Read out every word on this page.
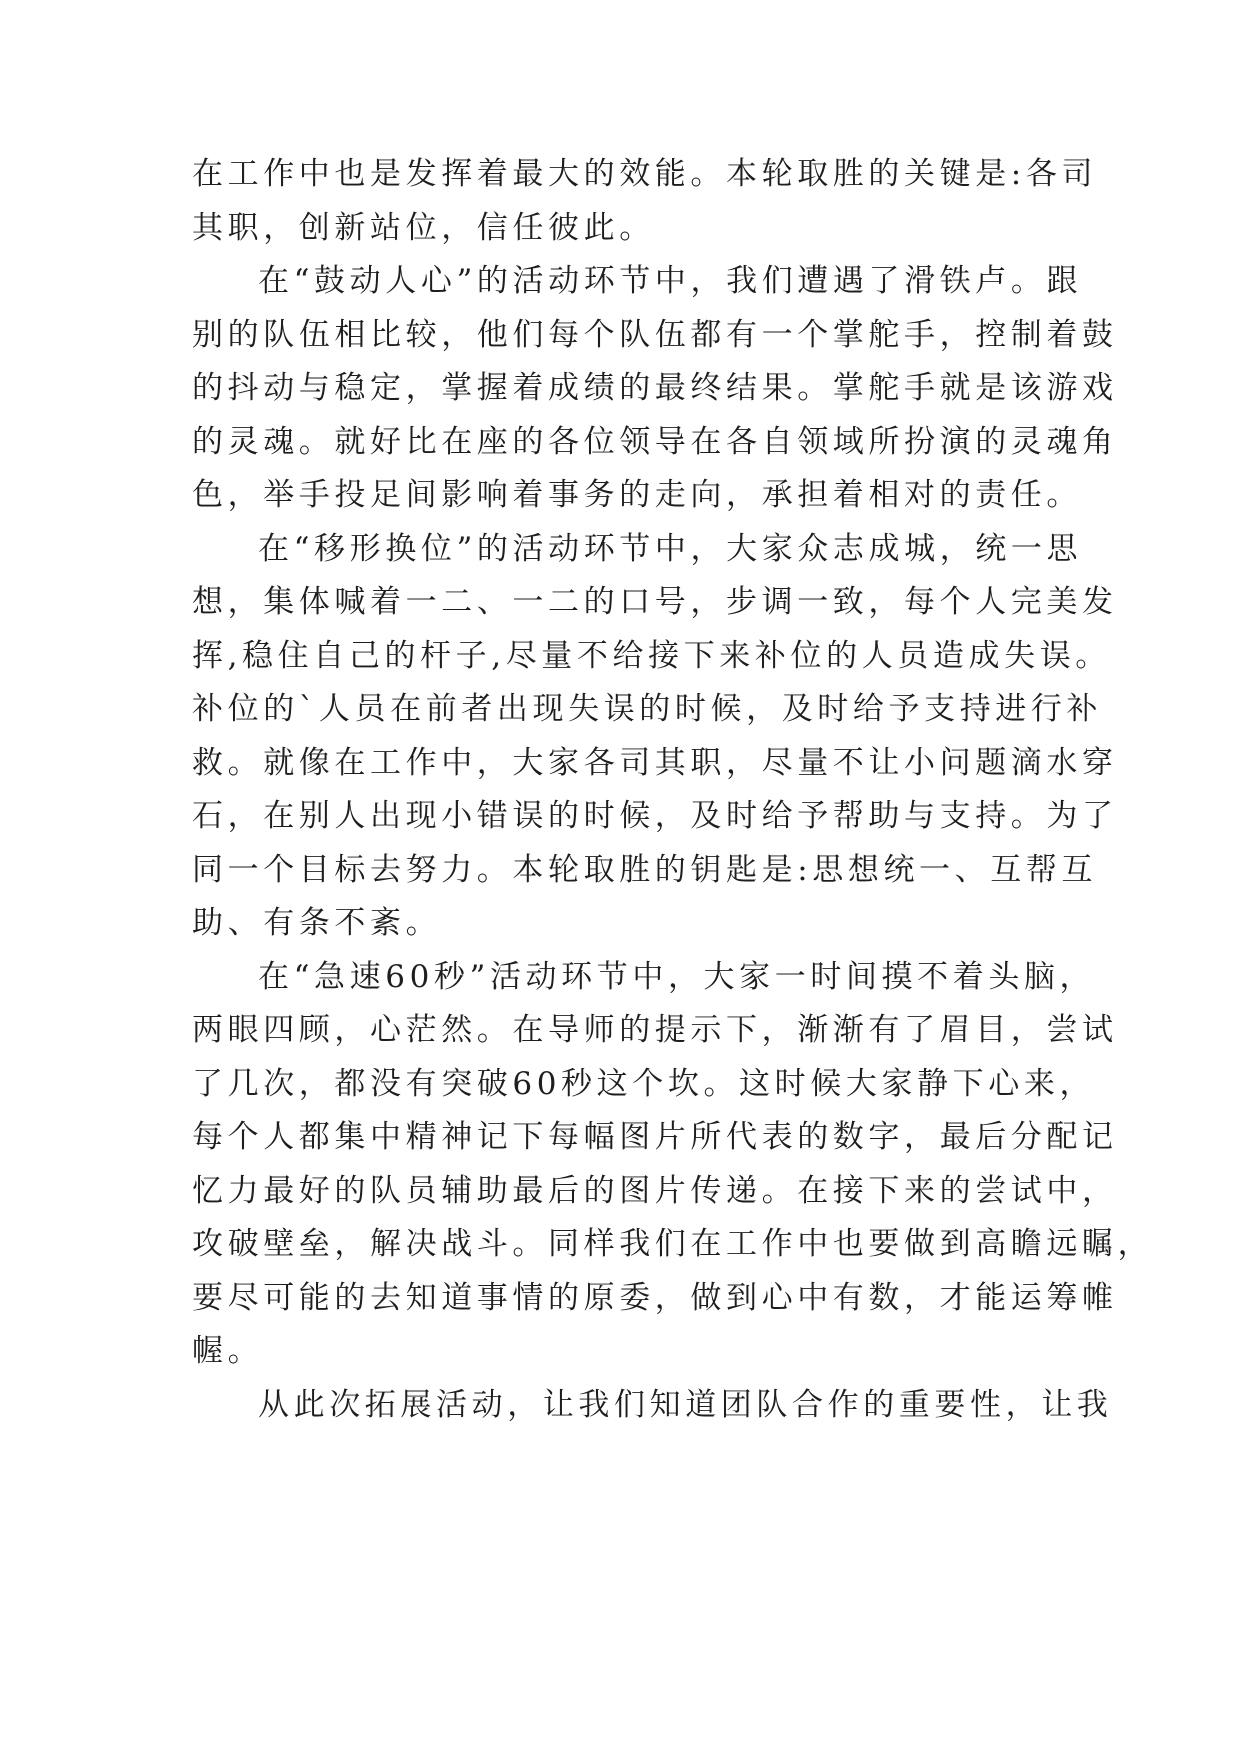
在工作中也是发挥着最大的效能。本轮取胜的关键是:各司
其职，创新站位，信任彼此。
在“鼓动人心”的活动环节中，我们遭遇了滑铁卢。跟
别的队伍相比较，他们每个队伍都有一个掌舵手，控制着鼓
的抖动与稳定，掌握着成绩的最终结果。掌舵手就是该游戏
的灵魂。就好比在座的各位领导在各自领域所扮演的灵魂角
色，举手投足间影响着事务的走向，承担着相对的责任。
在“移形换位”的活动环节中，大家众志成城，统一思
想，集体喊着一二、一二的口号，步调一致，每个人完美发
挥,稳住自己的杆子,尽量不给接下来补位的人员造成失误。
补位的`人员在前者出现失误的时候，及时给予支持进行补
救。就像在工作中，大家各司其职，尽量不让小问题滴水穿
石，在别人出现小错误的时候，及时给予帮助与支持。为了
同一个目标去努力。本轮取胜的钥匙是:思想统一、互帮互
助、有条不紊。
在“急速60秒”活动环节中，大家一时间摸不着头脑，
两眼四顾，心茫然。在导师的提示下，渐渐有了眉目，尝试
了几次，都没有突破60秒这个坎。这时候大家静下心来，
每个人都集中精神记下每幅图片所代表的数字，最后分配记
忆力最好的队员辅助最后的图片传递。在接下来的尝试中，
攻破壁垒，解决战斗。同样我们在工作中也要做到高瞻远瞩，
要尽可能的去知道事情的原委，做到心中有数，才能运筹帷
幄。
从此次拓展活动，让我们知道团队合作的重要性，让我
